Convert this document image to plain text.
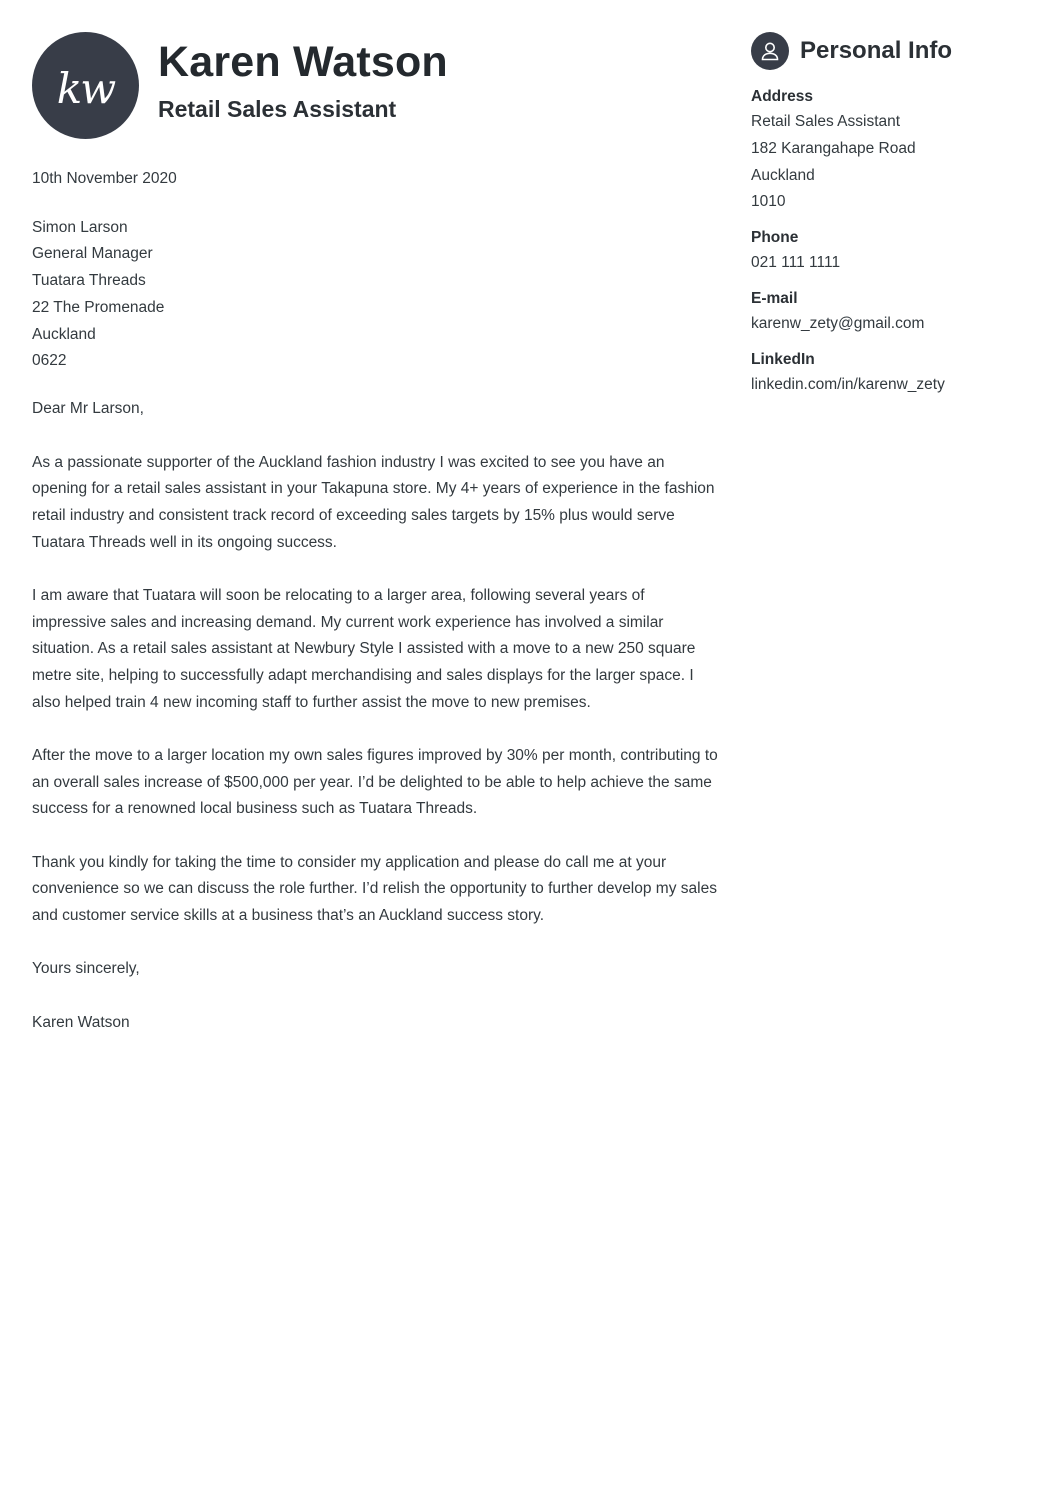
kw
Karen Watson
Retail Sales Assistant

10th November 2020

Simon Larson

General Manager

Tuatara Threads

22 The Promenade

Auckland

0622

Dear Mr Larson,

As a passionate supporter of the Auckland fashion industry I was excited to see you have an opening for a retail sales assistant in your Takapuna store. My 4+ years of experience in the fashion retail industry and consistent track record of exceeding sales targets by 15% plus would serve Tuatara Threads well in its ongoing success.

I am aware that Tuatara will soon be relocating to a larger area, following several years of impressive sales and increasing demand. My current work experience has involved a similar situation. As a retail sales assistant at Newbury Style I assisted with a move to a new 250 square metre site, helping to successfully adapt merchandising and sales displays for the larger space. I also helped train 4 new incoming staff to further assist the move to new premises.

After the move to a larger location my own sales figures improved by 30% per month, contributing to an overall sales increase of $500,000 per year. I’d be delighted to be able to help achieve the same success for a renowned local business such as Tuatara Threads.

Thank you kindly for taking the time to consider my application and please do call me at your convenience so we can discuss the role further. I’d relish the opportunity to further develop my sales and customer service skills at a business that’s an Auckland success story.

Yours sincerely,

Karen Watson

Personal Info

Address

Retail Sales Assistant

182 Karangahape Road

Auckland

1010

Phone

021 111 1111

E-mail

karenw_zety@gmail.com

LinkedIn

linkedin.com/in/karenw_zety
